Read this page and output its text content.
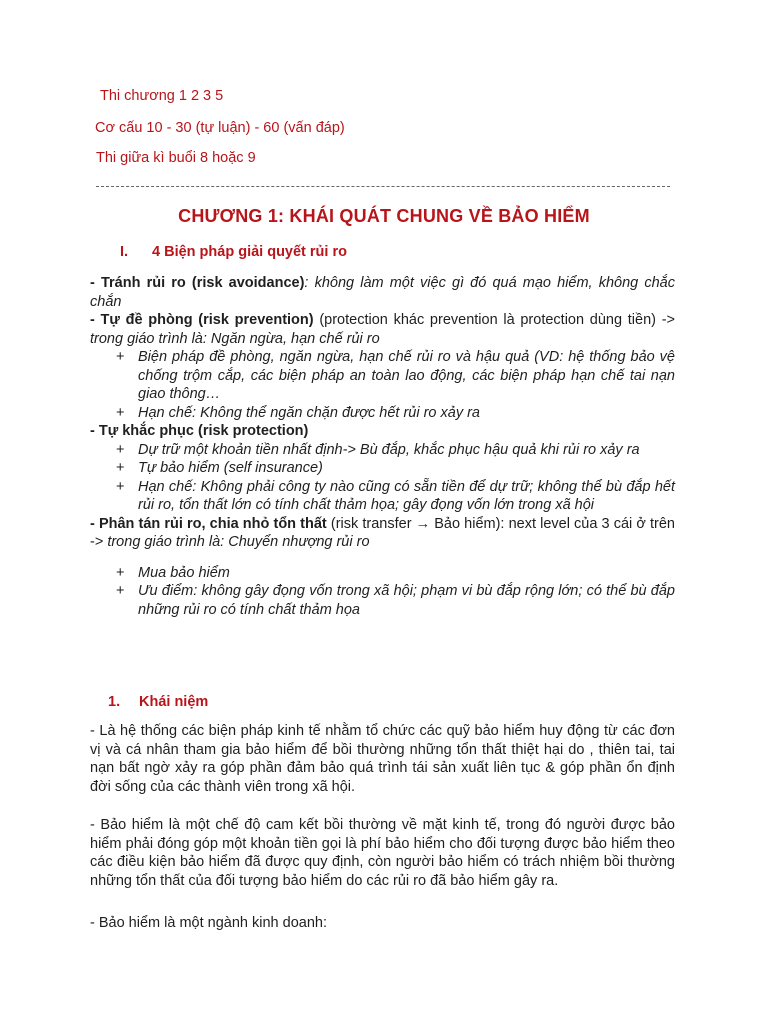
Thi chương 1 2 3 5
Cơ cấu 10 - 30 (tự luận) - 60 (vấn đáp)
Thi giữa kì buổi 8 hoặc 9
CHƯƠNG 1: KHÁI QUÁT CHUNG VỀ BẢO HIỂM
I. 4 Biện pháp giải quyết rủi ro
- Tránh rủi ro (risk avoidance): không làm một việc gì đó quá mạo hiểm, không chắc chắn
- Tự đề phòng (risk prevention) (protection khác prevention là protection dùng tiền) -> trong giáo trình là: Ngăn ngừa, hạn chế rủi ro
+ Biện pháp đề phòng, ngăn ngừa, hạn chế rủi ro và hậu quả (VD: hệ thống bảo vệ chống trộm cắp, các biện pháp an toàn lao động, các biện pháp hạn chế tai nạn giao thông…
+ Hạn chế: Không thể ngăn chặn được hết rủi ro xảy ra
- Tự khắc phục (risk protection)
+ Dự trữ một khoản tiền nhất định-> Bù đắp, khắc phục hậu quả khi rủi ro xảy ra
+ Tự bảo hiểm (self insurance)
+ Hạn chế: Không phải công ty nào cũng có sẵn tiền để dự trữ; không thể bù đắp hết rủi ro, tổn thất lớn có tính chất thảm họa; gây đọng vốn lớn trong xã hội
- Phân tán rủi ro, chia nhỏ tổn thất (risk transfer → Bảo hiểm): next level của 3 cái ở trên -> trong giáo trình là: Chuyển nhượng rủi ro
+ Mua bảo hiểm
+ Ưu điểm: không gây đọng vốn trong xã hội; phạm vi bù đắp rộng lớn; có thể bù đắp những rủi ro có tính chất thảm họa
1. Khái niệm
- Là hệ thống các biện pháp kinh tế nhằm tổ chức các quỹ bảo hiểm huy động từ các đơn vị và cá nhân tham gia bảo hiểm để bồi thường những tổn thất thiệt hại do , thiên tai, tai nạn bất ngờ xảy ra góp phần đảm bảo quá trình tái sản xuất liên tục & góp phần ổn định đời sống của các thành viên trong xã hội.
- Bảo hiểm là một chế độ cam kết bồi thường về mặt kinh tế, trong đó người được bảo hiểm phải đóng góp một khoản tiền gọi là phí bảo hiểm cho đối tượng được bảo hiểm theo các điều kiện bảo hiểm đã được quy định, còn người bảo hiểm có trách nhiệm bồi thường những tổn thất của đối tượng bảo hiểm do các rủi ro đã bảo hiểm gây ra.
- Bảo hiểm là một ngành kinh doanh:
